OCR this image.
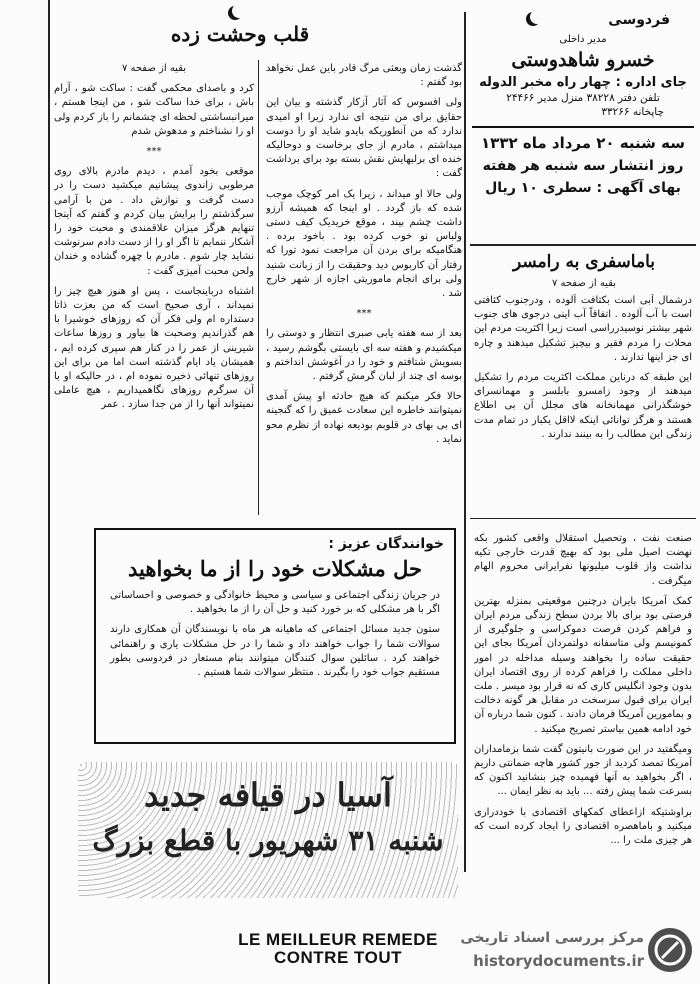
قلب وحشت زده

گذشت زمان وبعثی مرگ قادر باین عمل نخواهد بود گفتم :

ولی افسوس که آثار آزکار گذشته و بیان این حقایق برای من نتیجه ای ندارد زیرا او امیدی ندارد که من آنطوریکه بایدو شاید او را دوست میداشتم ، مادرم از جای برخاست و دوحالیکه خنده ای برلبهایش نقش بسته بود برای برداشت گفت :

ولی حالا او میداند ، زیرا یک امر کوچک موجب شده که باز گردد . او اینجا که همیشه آرزو داشت چشم بیند ، موقع خریدیک کیف دستی ولباس نو خوب کرده بود . باخود برده . هنگامیکه برای بردن آن مراجعت نمود تورا که رفتار آن کاربوس دید وحقیقت را از زبانت شنید ولی برای انجام ماموریتی اجازه از شهر خارج شد .

***

بعد از سه هفته یابی صبری انتظار و دوستی را میکشیدم و هفته سه ای بایستی بگوشم رسید ، بسویش شتافتم و خود را در آغوشش انداختم و بوسه ای چند از لبان گرمش گرفتم .

حالا فکر میکنم که هیچ حادثه او پیش آمدی نمیتوانند خاطره این سعادت عمیق را که گنجینه ای بی بهای در قلوبم بودیعه نهاده از نظرم محو نماید .

بقيه از صفحه ۷

کرد و باصدای محکمی گفت : ساکت شو ، آرام باش ، برای خدا ساکت شو ، من اینجا هستم ، میرانبساشتی لحظه ای چشمانم را باز کردم ولی او را نشناختم و مدهوش شدم

***

موقعی بخود آمدم ، دیدم مادرم بالای روی مرطوبی زاندوی پیشانیم میکشید دست را در دست گرفت و نوازش داد . من با آرامی سرگذشتم را برایش بیان کردم و گفتم که آینجا تنهایم هرگز میزان علاقمندی و محبت خود را آشکار ننمایم تا اگر او را از دست دادم سرنوشت نشاید چار شوم . مادرم با چهره گشاده و خندان ولحن محبت آمیزی گفت :

اشتباه درباینجاست ، پس او هنوز هیچ چیز را نمیداند ، آری صحیح است که من بعزت ذاتا دستداره ام ولی فکر آن که روزهای خوشیرا با هم گذراندیم وصحبت ها بیاور و روزها ساعات شیرینی از عمر را در کنار هم سپری کرده ایم ، همیشان یاد ایام گذشته است اما من برای این روزهای تنهائی ذخیره نموده ام ، در حالیکه او با آن سرگرم روزهای نگاهمیداریم ، هیچ عاملی نمیتواند آنها را از من جدا سازد . عمر

فردوسی
مدیر داخلی
خسرو شاهدوستی
جای اداره : چهار راه مخبر الدوله
تلفن دفتر ۳۸۲۲۸ منزل مدیر ۲۴۴۶۶
چاپخانه ۳۳۲۶۶
سه شنبه ۲۰ مرداد ماه ۱۳۳۲
روز انتشار سه شنبه هر هفته
بهای آگهی : سطری ۱۰ ریال
باماسفری به رامسر
بقیه از صفحه ۷

درشمال آبی است بکثافت آلوده ، ودرجنوب کثافتی است با آب آلوده . اتفاقاً آب اینی درجوی های جنوب شهر بیشتر نوسیدرراسی است زیرا اکثریت مردم این محلات را مردم فقیر و بیچیز تشکیل میدهند و چاره ای جز اینها ندارند .

این طبقه که درناین مملکت اکثریت مردم را تشکیل میدهند از وجود زامسرو بابلسر و مهمانسرای خوشگذرانی مهمانخانه های مجلل آن بی اطلاع هستند و هرگز توانائی اینکه لااقل یکبار در تمام مدت زندگی این مطالب را به بینند ندارند .

صنعت نفت ، وتحصیل استقلال واقعی کشور بکه نهضت اصیل ملی بود که بهیچ قدرت خارجی تکیه نداشت واز قلوب میلیونها نفرایرانی محروم الهام میگرفت .

کمک آمریکا بایران درچنین موقعیتی بمنزله بهترین فرصتی بود برای بالا بردن سطح زندگی مردم ایران و فراهم کردن فرصت دموکراسی و جلوگیری از کمونیسم ولی متاسفانه دولتمردان آمریکا بجای این حقیقت ساده را بخواهند وسیله مداخله در امور داخلی مملکت را فراهم کرده از روی اقتصاد ایران بدون وجود انگلیس کاری که نه قرار بود میسر . ملت ایران برای قبول سرسخت در مقابل هر گونه دخالت و بمامورین آمریکا فرمان دادند . کنون شما درباره آن خود ادامه همین بیاستر تصریح میکنید .

ومیگفتید در این صورت بانیتون گفت شما بزمامداران آمریکا تمصد کردید از جور کشور هاچه ضمانتی داریم ، اگر بخواهید به آنها فهمیده چیز بنشانید اکنون که بسرعت شما پیش رفته ... باید به نظر ایمان ...

براوشتیکه ازاعطای کمکهای اقتصادی با خوددراری میکنید و باماهصره اقتصادی را ایجاد کرده است که هر چیزی ملت را ...

خوانندگان عزیز :
حل مشکلات خود را از ما بخواهید

در جریان زندگی اجتماعی و سیاسی و محیط خانوادگی و خصوصی و احساساتی اگر با هر مشکلی که بر خورد کنید و حل آن را از ما بخواهید .

ستون جدید مسائل اجتماعی که ماهیانه هر ماه با نویسندگان آن همکاری دارند سوالات شما را جواب خواهند داد و شما را در حل مشکلات یاری و راهنمائی خواهند کرد . سائلین سوال کنندگان میتوانند بنام مستعار در فردوسی بطور مستقیم جواب خود را بگیرند . منتظر سوالات شما هستیم .

آسیا در قیافه جدید
شنبه ۳۱ شهریور با قطع بزرگ
LE MEILLEUR REMEDE
CONTRE TOUT
مرکز بررسی اسناد تاریخی
historydocuments.ir
